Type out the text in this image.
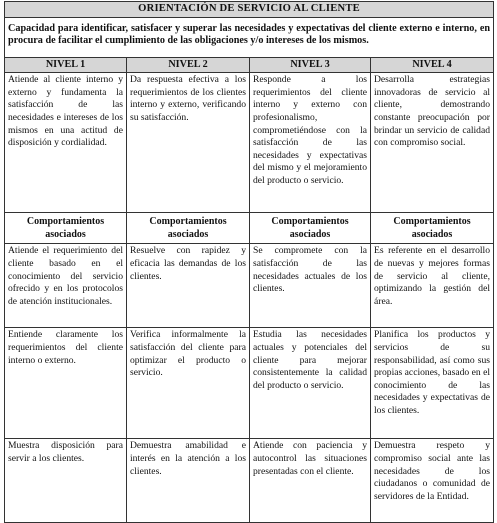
ORIENTACIÓN DE SERVICIO AL CLIENTE			
Capacidad para identificar, satisfacer y superar las necesidades y expectativas del cliente externo e interno, en procura de facilitar el cumplimiento de las obligaciones y/o intereses de los mismos.			
NIVEL 1	NIVEL 2	NIVEL 3	NIVEL 4
Atiende al cliente interno y externo y fundamenta la satisfacción de las necesidades e intereses de los mismos en una actitud de disposición y cordialidad.	Da respuesta efectiva a los requerimientos de los clientes interno y externo, verificando su satisfacción.	Responde a los requerimientos del cliente interno y externo con profesionalismo, comprometiéndose con la satisfacción de las necesidades y expectativas del mismo y el mejoramiento del producto o servicio.	Desarrolla estrategias innovadoras de servicio al cliente, demostrando constante preocupación por brindar un servicio de calidad con compromiso social.
Comportamientos asociados	Comportamientos asociados	Comportamientos asociados	Comportamientos asociados
Atiende el requerimiento del cliente basado en el conocimiento del servicio ofrecido y en los protocolos de atención institucionales.	Resuelve con rapidez y eficacia las demandas de los clientes.	Se compromete con la satisfacción de las necesidades actuales de los clientes.	Es referente en el desarrollo de nuevas y mejores formas de servicio al cliente, optimizando la gestión del área.
Entiende claramente los requerimientos del cliente interno o externo.	Verifica informalmente la satisfacción del cliente para optimizar el producto o servicio.	Estudia las necesidades actuales y potenciales del cliente para mejorar consistentemente la calidad del producto o servicio.	Planifica los productos y servicios de su responsabilidad, así como sus propias acciones, basado en el conocimiento de las necesidades y expectativas de los clientes.
Muestra disposición para servir a los clientes.	Demuestra amabilidad e interés en la atención a los clientes.	Atiende con paciencia y autocontrol las situaciones presentadas con el cliente.	Demuestra respeto y compromiso social ante las necesidades de los ciudadanos o comunidad de servidores de la Entidad.
